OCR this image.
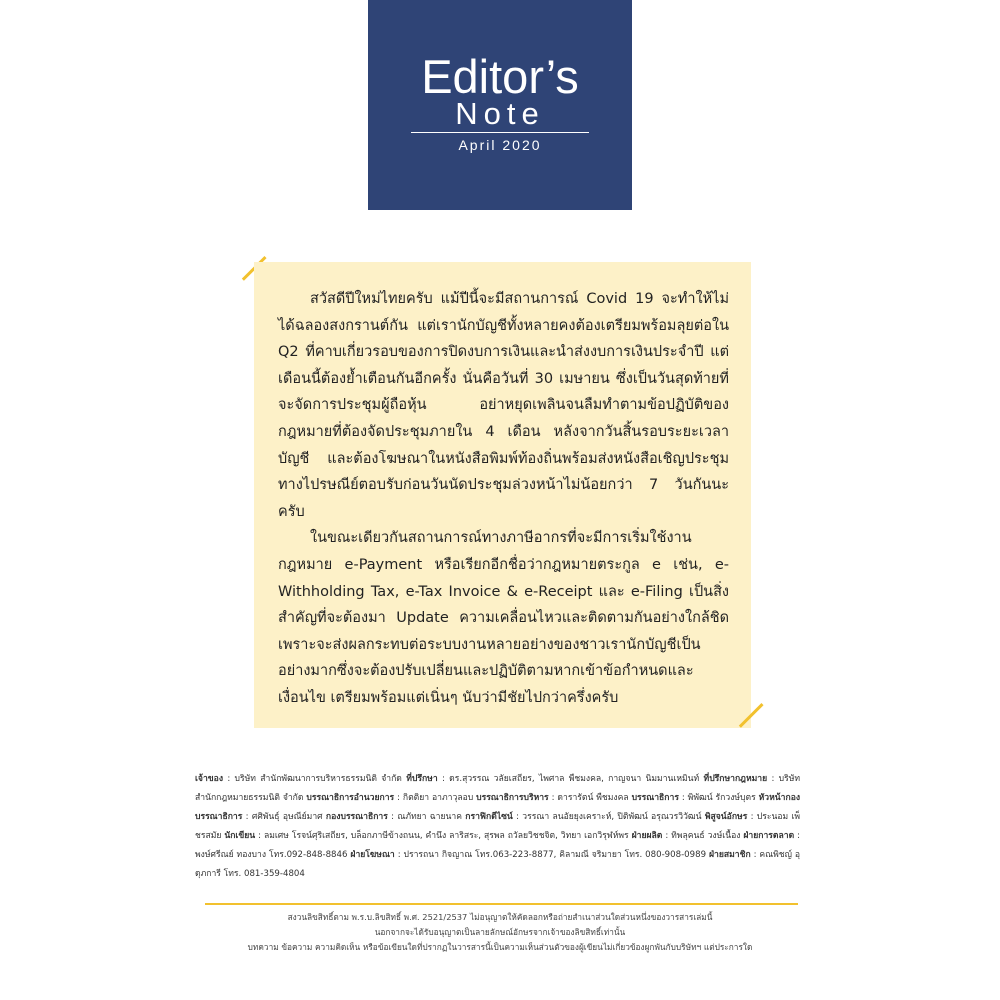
Editor’s
Note
April 2020

สวัสดีปีใหม่ไทยครับ แม้ปีนี้จะมีสถานการณ์ Covid 19 จะทำให้ไม่ได้ฉลองสงกรานต์กัน แต่เรานักบัญชีทั้งหลายคงต้องเตรียมพร้อมลุยต่อใน Q2 ที่คาบเกี่ยวรอบของการปิดงบการเงินและนำส่งงบการเงินประจำปี แต่เดือนนี้ต้องย้ำเตือนกันอีกครั้ง นั่นคือวันที่ 30 เมษายน ซึ่งเป็นวันสุดท้ายที่จะจัดการประชุมผู้ถือหุ้น อย่าหยุดเพลินจนลืมทำตามข้อปฏิบัติของกฎหมายที่ต้องจัดประชุมภายใน 4 เดือน หลังจากวันสิ้นรอบระยะเวลาบัญชี และต้องโฆษณาในหนังสือพิมพ์ท้องถิ่นพร้อมส่งหนังสือเชิญประชุมทางไปรษณีย์ตอบรับก่อนวันนัดประชุมล่วงหน้าไม่น้อยกว่า 7 วันกันนะครับ

ในขณะเดียวกันสถานการณ์ทางภาษีอากรที่จะมีการเริ่มใช้งานกฎหมาย e-Payment หรือเรียกอีกชื่อว่ากฎหมายตระกูล e เช่น, e-Withholding Tax, e-Tax Invoice & e-Receipt และ e-Filing เป็นสิ่งสำคัญที่จะต้องมา Update ความเคลื่อนไหวและติดตามกันอย่างใกล้ชิด เพราะจะส่งผลกระทบต่อระบบงานหลายอย่างของชาวเรานักบัญชีเป็นอย่างมากซึ่งจะต้องปรับเปลี่ยนและปฏิบัติตามหากเข้าข้อกำหนดและเงื่อนไข เตรียมพร้อมแต่เนิ่นๆ นับว่ามีชัยไปกว่าครึ่งครับ

เจ้าของ : บริษัท สำนักพัฒนาการบริหารธรรมนิติ จำกัด ที่ปรึกษา : ดร.สุวรรณ วลัยเสถียร, ไพศาล พืชมงคล, กาญจนา นิมมานเหมินท์ ที่ปรึกษากฎหมาย : บริษัท สำนักกฎหมายธรรมนิติ จำกัด บรรณาธิการอำนวยการ : กิตติยา อาภาวุลอบ บรรณาธิการบริหาร : ดารารัตน์ พืชมงคล บรรณาธิการ : พิพัฒน์ รักวงษ์บุตร หัวหน้ากองบรรณาธิการ : ศศิพันธุ์ อุษณีย์มาศ กองบรรณาธิการ : ณภัทยา ฉายนาค กราฟิกดีไซน์ : วรรณา ลนอัยยุงเคราะห์, ปิติพัฒน์ อรุณวรวิวัฒน์ พิสูจน์อักษร : ประนอม เพ็ชรสมัย นักเขียน : ลมเศษ โรจน์ศุริเสถียร, บล็อกภาษีข้างถนน, คำนึง ลาริสระ, สุรพล ถวัลยวิชชจิต, วิทยา เอกวิรุฬห์พร ฝ่ายผลิต : ทิพลุคนธ์ วงษ์เนื้อง ฝ่ายการตลาด : พงษ์ศรีณย์ ทองบาง โทร.092-848-8846 ฝ่ายโฆษณา : ปรารถนา กิจญาณ โทร.063-223-8877, คิลามณี จริมายา โทร. 080-908-0989 ฝ่ายสมาชิก : คณพิชญ์ อุดุภการี โทร. 081-359-4804
สงวนลิขสิทธิ์ตาม พ.ร.บ.ลิขสิทธิ์ พ.ศ. 2521/2537 ไม่อนุญาตให้คัดลอกหรือถ่ายสำเนาส่วนใดส่วนหนึ่งของวารสารเล่มนี้
นอกจากจะได้รับอนุญาตเป็นลายลักษณ์อักษรจากเจ้าของลิขสิทธิ์เท่านั้น
บทความ ข้อความ ความคิดเห็น หรือข้อเขียนใดที่ปรากฏในวารสารนี้เป็นความเห็นส่วนตัวของผู้เขียนไม่เกี่ยวข้องผูกพันกับบริษัทฯ แต่ประการใด
